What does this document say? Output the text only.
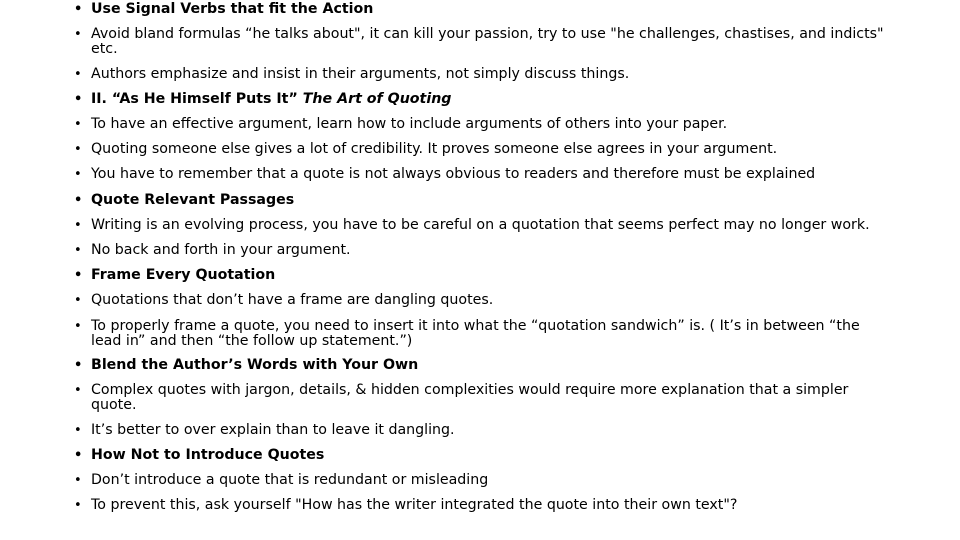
• Use Signal Verbs that fit the Action
• Avoid bland formulas “he talks about", it can kill your passion, try to use "he challenges, chastises, and indicts" etc.
• Authors emphasize and insist in their arguments, not simply discuss things.
• II. “As He Himself Puts It” The Art of Quoting
• To have an effective argument, learn how to include arguments of others into your paper.
• Quoting someone else gives a lot of credibility. It proves someone else agrees in your argument.
• You have to remember that a quote is not always obvious to readers and therefore must be explained
• Quote Relevant Passages
• Writing is an evolving process, you have to be careful on a quotation that seems perfect may no longer work.
• No back and forth in your argument.
• Frame Every Quotation
• Quotations that don’t have a frame are dangling quotes.
• To properly frame a quote, you need to insert it into what the “quotation sandwich” is. ( It’s in between “the lead in” and then “the follow up statement.”)
• Blend the Author’s Words with Your Own
• Complex quotes with jargon, details, & hidden complexities would require more explanation that a simpler quote.
• It’s better to over explain than to leave it dangling.
• How Not to Introduce Quotes
• Don’t introduce a quote that is redundant or misleading
• To prevent this, ask yourself "How has the writer integrated the quote into their own text"?
